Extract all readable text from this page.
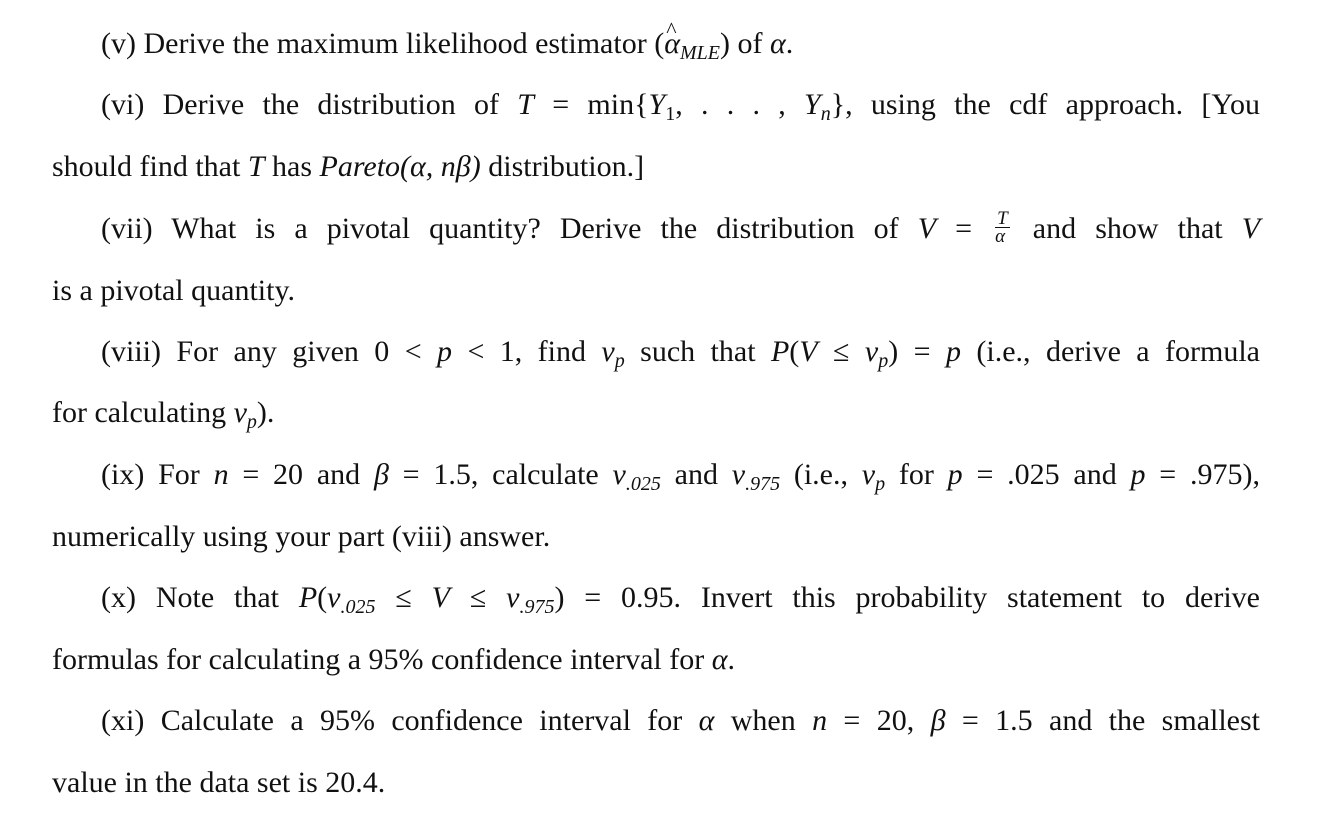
(v) Derive the maximum likelihood estimator (^ $\alpha_{MLE}$) of α.
(vi) Derive the distribution of $T = \min\{Y_1$, . . . , $Y_n$}, using the cdf approach. [You
should find that T has Pareto(α, nβ) distribution.]
(vii) What is a pivotal quantity? Derive the distribution of $V = \frac{T}{\alpha}$ and show that V
is a pivotal quantity.
(viii) For any given 0 < p < 1, find $v_p$ such that $P(V \le v_p) = p$ (i.e., derive a formula
for calculating $v_p$).
(ix) For n = 20 and β = 1.5, calculate $v_{.025}$ and $v_{.975}$ (i.e., $v_p$ for p = .025 and p = .975),
numerically using your part (viii) answer.
(x) Note that $P(v_{.025} \le V \le v_{.975}) = 0.95$. Invert this probability statement to derive
formulas for calculating a 95% confidence interval for α.
(xi) Calculate a 95% confidence interval for α when n = 20, β = 1.5 and the smallest
value in the data set is 20.4.
